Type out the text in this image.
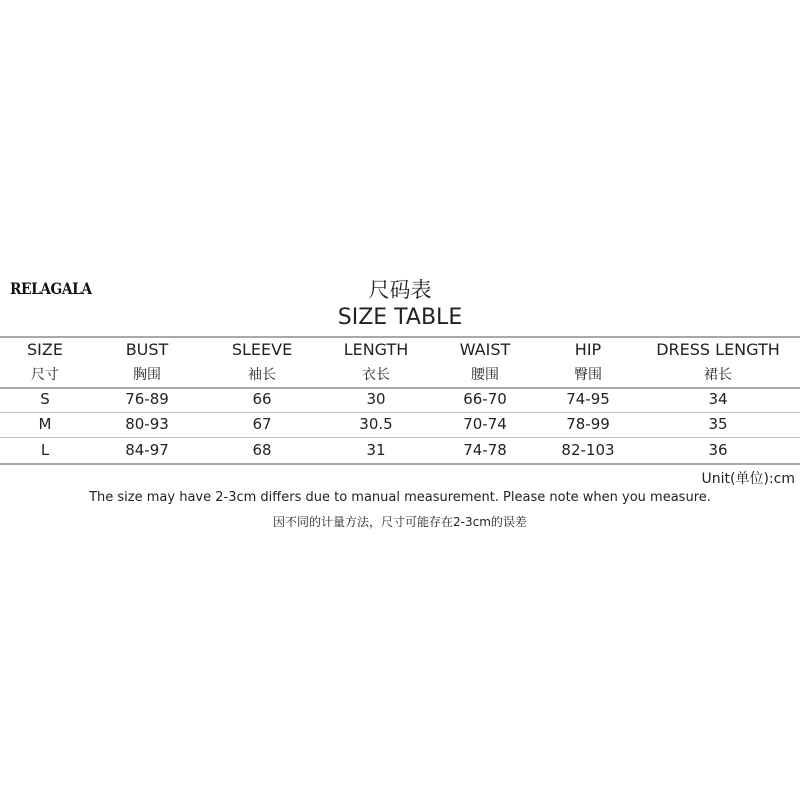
RELAGALA	尺码表
SIZE TABLE
SIZE	BUST	SLEEVE	LENGTH	WAIST	HIP	DRESS LENGTH
尺寸	胸围	袖长	衣长	腰围	臀围	裙长
S	76-89	66	30	66-70	74-95	34
M	80-93	67	30.5	70-74	78-99	35
L	84-97	68	31	74-78	82-103	36
Unit(单位):cm
The size may have 2-3cm differs due to manual measurement. Please note when you measure.
因不同的计量方法，尺寸可能存在2-3cm的误差
